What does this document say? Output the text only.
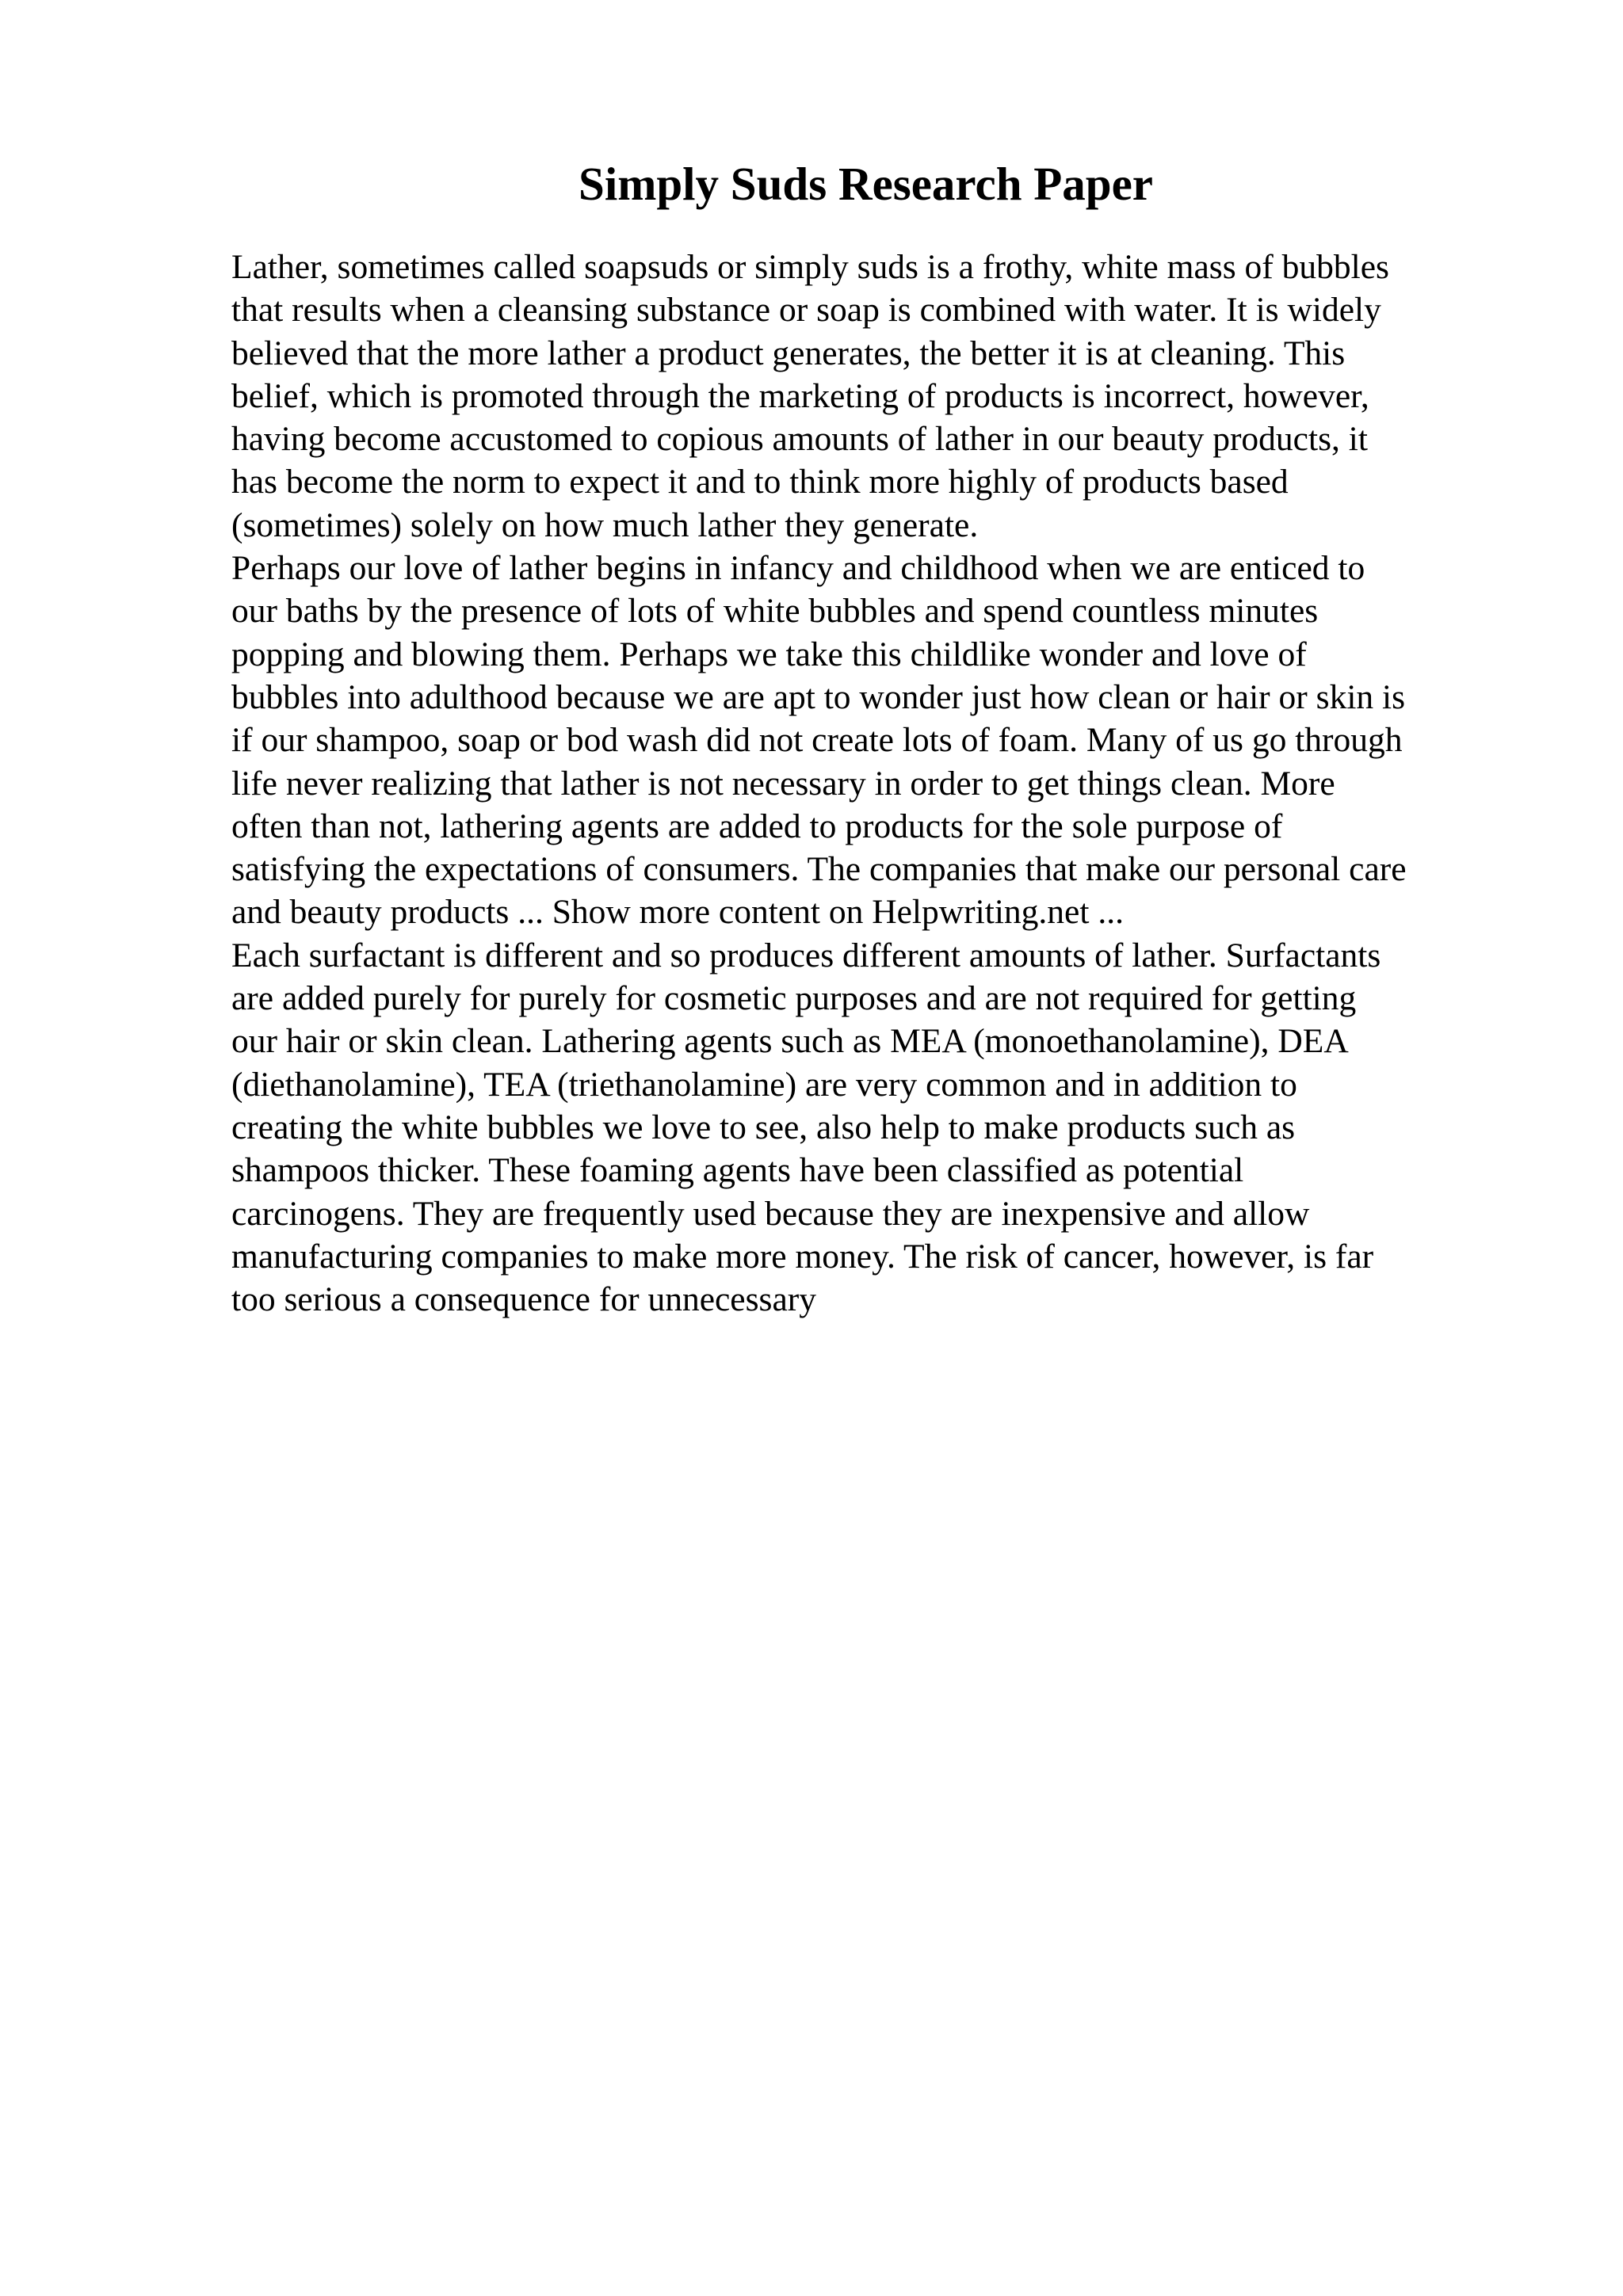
Simply Suds Research Paper
Lather, sometimes called soapsuds or simply suds is a frothy, white mass of bubbles
that results when a cleansing substance or soap is combined with water. It is widely
believed that the more lather a product generates, the better it is at cleaning. This
belief, which is promoted through the marketing of products is incorrect, however,
having become accustomed to copious amounts of lather in our beauty products, it
has become the norm to expect it and to think more highly of products based
(sometimes) solely on how much lather they generate.
Perhaps our love of lather begins in infancy and childhood when we are enticed to
our baths by the presence of lots of white bubbles and spend countless minutes
popping and blowing them. Perhaps we take this childlike wonder and love of
bubbles into adulthood because we are apt to wonder just how clean or hair or skin is
if our shampoo, soap or bod wash did not create lots of foam. Many of us go through
life never realizing that lather is not necessary in order to get things clean. More
often than not, lathering agents are added to products for the sole purpose of
satisfying the expectations of consumers. The companies that make our personal care
and beauty products ... Show more content on Helpwriting.net ...
Each surfactant is different and so produces different amounts of lather. Surfactants
are added purely for purely for cosmetic purposes and are not required for getting
our hair or skin clean. Lathering agents such as MEA (monoethanolamine), DEA
(diethanolamine), TEA (triethanolamine) are very common and in addition to
creating the white bubbles we love to see, also help to make products such as
shampoos thicker. These foaming agents have been classified as potential
carcinogens. They are frequently used because they are inexpensive and allow
manufacturing companies to make more money. The risk of cancer, however, is far
too serious a consequence for unnecessary
